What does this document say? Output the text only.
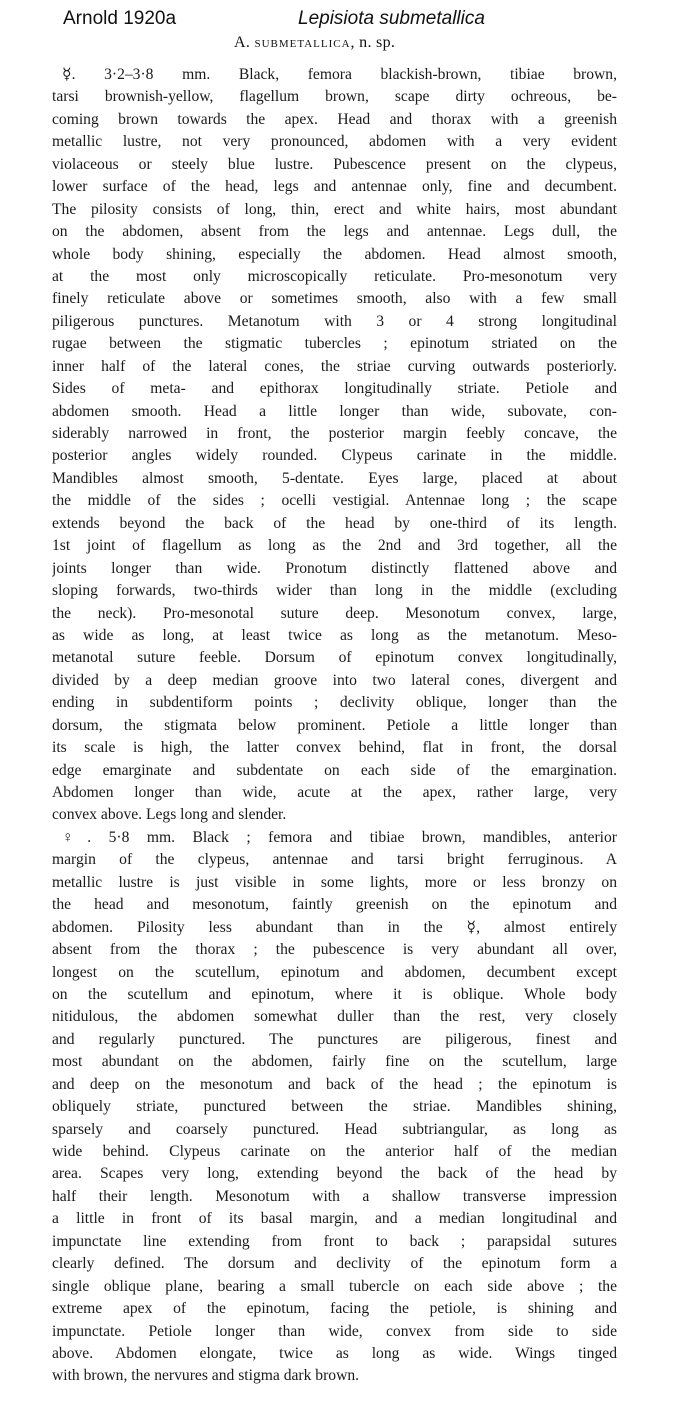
Arnold 1920a	Lepisiota submetallica
A. submetallica, n. sp.
☿. 3·2–3·8 mm. Black, femora blackish-brown, tibiae brown,
tarsi brownish-yellow, flagellum brown, scape dirty ochreous, be-
coming brown towards the apex. Head and thorax with a greenish
metallic lustre, not very pronounced, abdomen with a very evident
violaceous or steely blue lustre. Pubescence present on the clypeus,
lower surface of the head, legs and antennae only, fine and decumbent.
The pilosity consists of long, thin, erect and white hairs, most abundant
on the abdomen, absent from the legs and antennae. Legs dull, the
whole body shining, especially the abdomen. Head almost smooth,
at the most only microscopically reticulate. Pro-mesonotum very
finely reticulate above or sometimes smooth, also with a few small
piligerous punctures. Metanotum with 3 or 4 strong longitudinal
rugae between the stigmatic tubercles ; epinotum striated on the
inner half of the lateral cones, the striae curving outwards posteriorly.
Sides of meta- and epithorax longitudinally striate. Petiole and
abdomen smooth. Head a little longer than wide, subovate, con-
siderably narrowed in front, the posterior margin feebly concave, the
posterior angles widely rounded. Clypeus carinate in the middle.
Mandibles almost smooth, 5-dentate. Eyes large, placed at about
the middle of the sides ; ocelli vestigial. Antennae long ; the scape
extends beyond the back of the head by one-third of its length.
1st joint of flagellum as long as the 2nd and 3rd together, all the
joints longer than wide. Pronotum distinctly flattened above and
sloping forwards, two-thirds wider than long in the middle (excluding
the neck). Pro-mesonotal suture deep. Mesonotum convex, large,
as wide as long, at least twice as long as the metanotum. Meso-
metanotal suture feeble. Dorsum of epinotum convex longitudinally,
divided by a deep median groove into two lateral cones, divergent and
ending in subdentiform points ; declivity oblique, longer than the
dorsum, the stigmata below prominent. Petiole a little longer than
its scale is high, the latter convex behind, flat in front, the dorsal
edge emarginate and subdentate on each side of the emargination.
Abdomen longer than wide, acute at the apex, rather large, very
convex above. Legs long and slender.
♀. 5·8 mm. Black ; femora and tibiae brown, mandibles, anterior
margin of the clypeus, antennae and tarsi bright ferruginous. A
metallic lustre is just visible in some lights, more or less bronzy on
the head and mesonotum, faintly greenish on the epinotum and
abdomen. Pilosity less abundant than in the ☿, almost entirely
absent from the thorax ; the pubescence is very abundant all over,
longest on the scutellum, epinotum and abdomen, decumbent except
on the scutellum and epinotum, where it is oblique. Whole body
nitidulous, the abdomen somewhat duller than the rest, very closely
and regularly punctured. The punctures are piligerous, finest and
most abundant on the abdomen, fairly fine on the scutellum, large
and deep on the mesonotum and back of the head ; the epinotum is
obliquely striate, punctured between the striae. Mandibles shining,
sparsely and coarsely punctured. Head subtriangular, as long as
wide behind. Clypeus carinate on the anterior half of the median
area. Scapes very long, extending beyond the back of the head by
half their length. Mesonotum with a shallow transverse impression
a little in front of its basal margin, and a median longitudinal and
impunctate line extending from front to back ; parapsidal sutures
clearly defined. The dorsum and declivity of the epinotum form a
single oblique plane, bearing a small tubercle on each side above ; the
extreme apex of the epinotum, facing the petiole, is shining and
impunctate. Petiole longer than wide, convex from side to side
above. Abdomen elongate, twice as long as wide. Wings tinged
with brown, the nervures and stigma dark brown.
